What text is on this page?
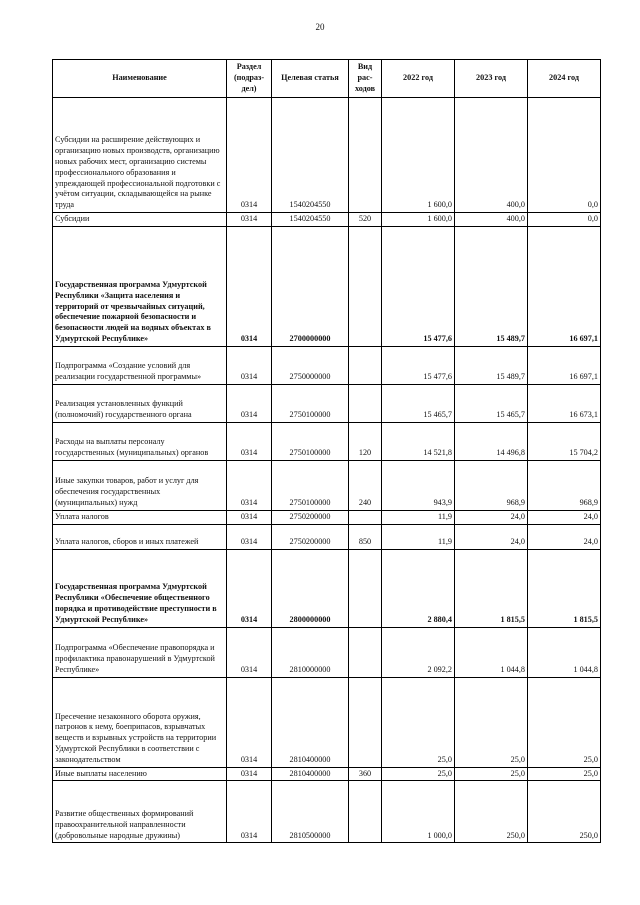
20
Наименование	Раздел (подраз-дел)	Целевая статья	Вид рас-ходов	2022 год	2023 год	2024 год
Субсидии на расширение действующих и организацию новых производств, организацию новых рабочих мест, организацию системы профессионального образования и упреждающей профессиональной подготовки с учётом ситуации, складывающейся на рынке труда	0314	1540204550		1 600,0	400,0	0,0
Субсидии	0314	1540204550	520	1 600,0	400,0	0,0
Государственная программа Удмуртской Республики «Защита населения и территорий от чрезвычайных ситуаций, обеспечение пожарной безопасности и безопасности людей на водных объектах в Удмуртской Республике»	0314	2700000000		15 477,6	15 489,7	16 697,1
Подпрограмма «Создание условий для реализации государственной программы»	0314	2750000000		15 477,6	15 489,7	16 697,1
Реализация установленных функций (полномочий) государственного органа	0314	2750100000		15 465,7	15 465,7	16 673,1
Расходы на выплаты персоналу государственных (муниципальных) органов	0314	2750100000	120	14 521,8	14 496,8	15 704,2
Иные закупки товаров, работ и услуг для обеспечения государственных (муниципальных) нужд	0314	2750100000	240	943,9	968,9	968,9
Уплата налогов	0314	2750200000		11,9	24,0	24,0
Уплата налогов, сборов и иных платежей	0314	2750200000	850	11,9	24,0	24,0
Государственная программа Удмуртской Республики «Обеспечение общественного порядка и противодействие преступности в Удмуртской Республике»	0314	2800000000		2 880,4	1 815,5	1 815,5
Подпрограмма «Обеспечение правопорядка и профилактика правонарушений в Удмуртской Республике»	0314	2810000000		2 092,2	1 044,8	1 044,8
Пресечение незаконного оборота оружия, патронов к нему, боеприпасов, взрывчатых веществ и взрывных устройств на территории Удмуртской Республики в соответствии с законодательством	0314	2810400000		25,0	25,0	25,0
Иные выплаты населению	0314	2810400000	360	25,0	25,0	25,0
Развитие общественных формирований правоохранительной направленности (добровольные народные дружины)	0314	2810500000		1 000,0	250,0	250,0
